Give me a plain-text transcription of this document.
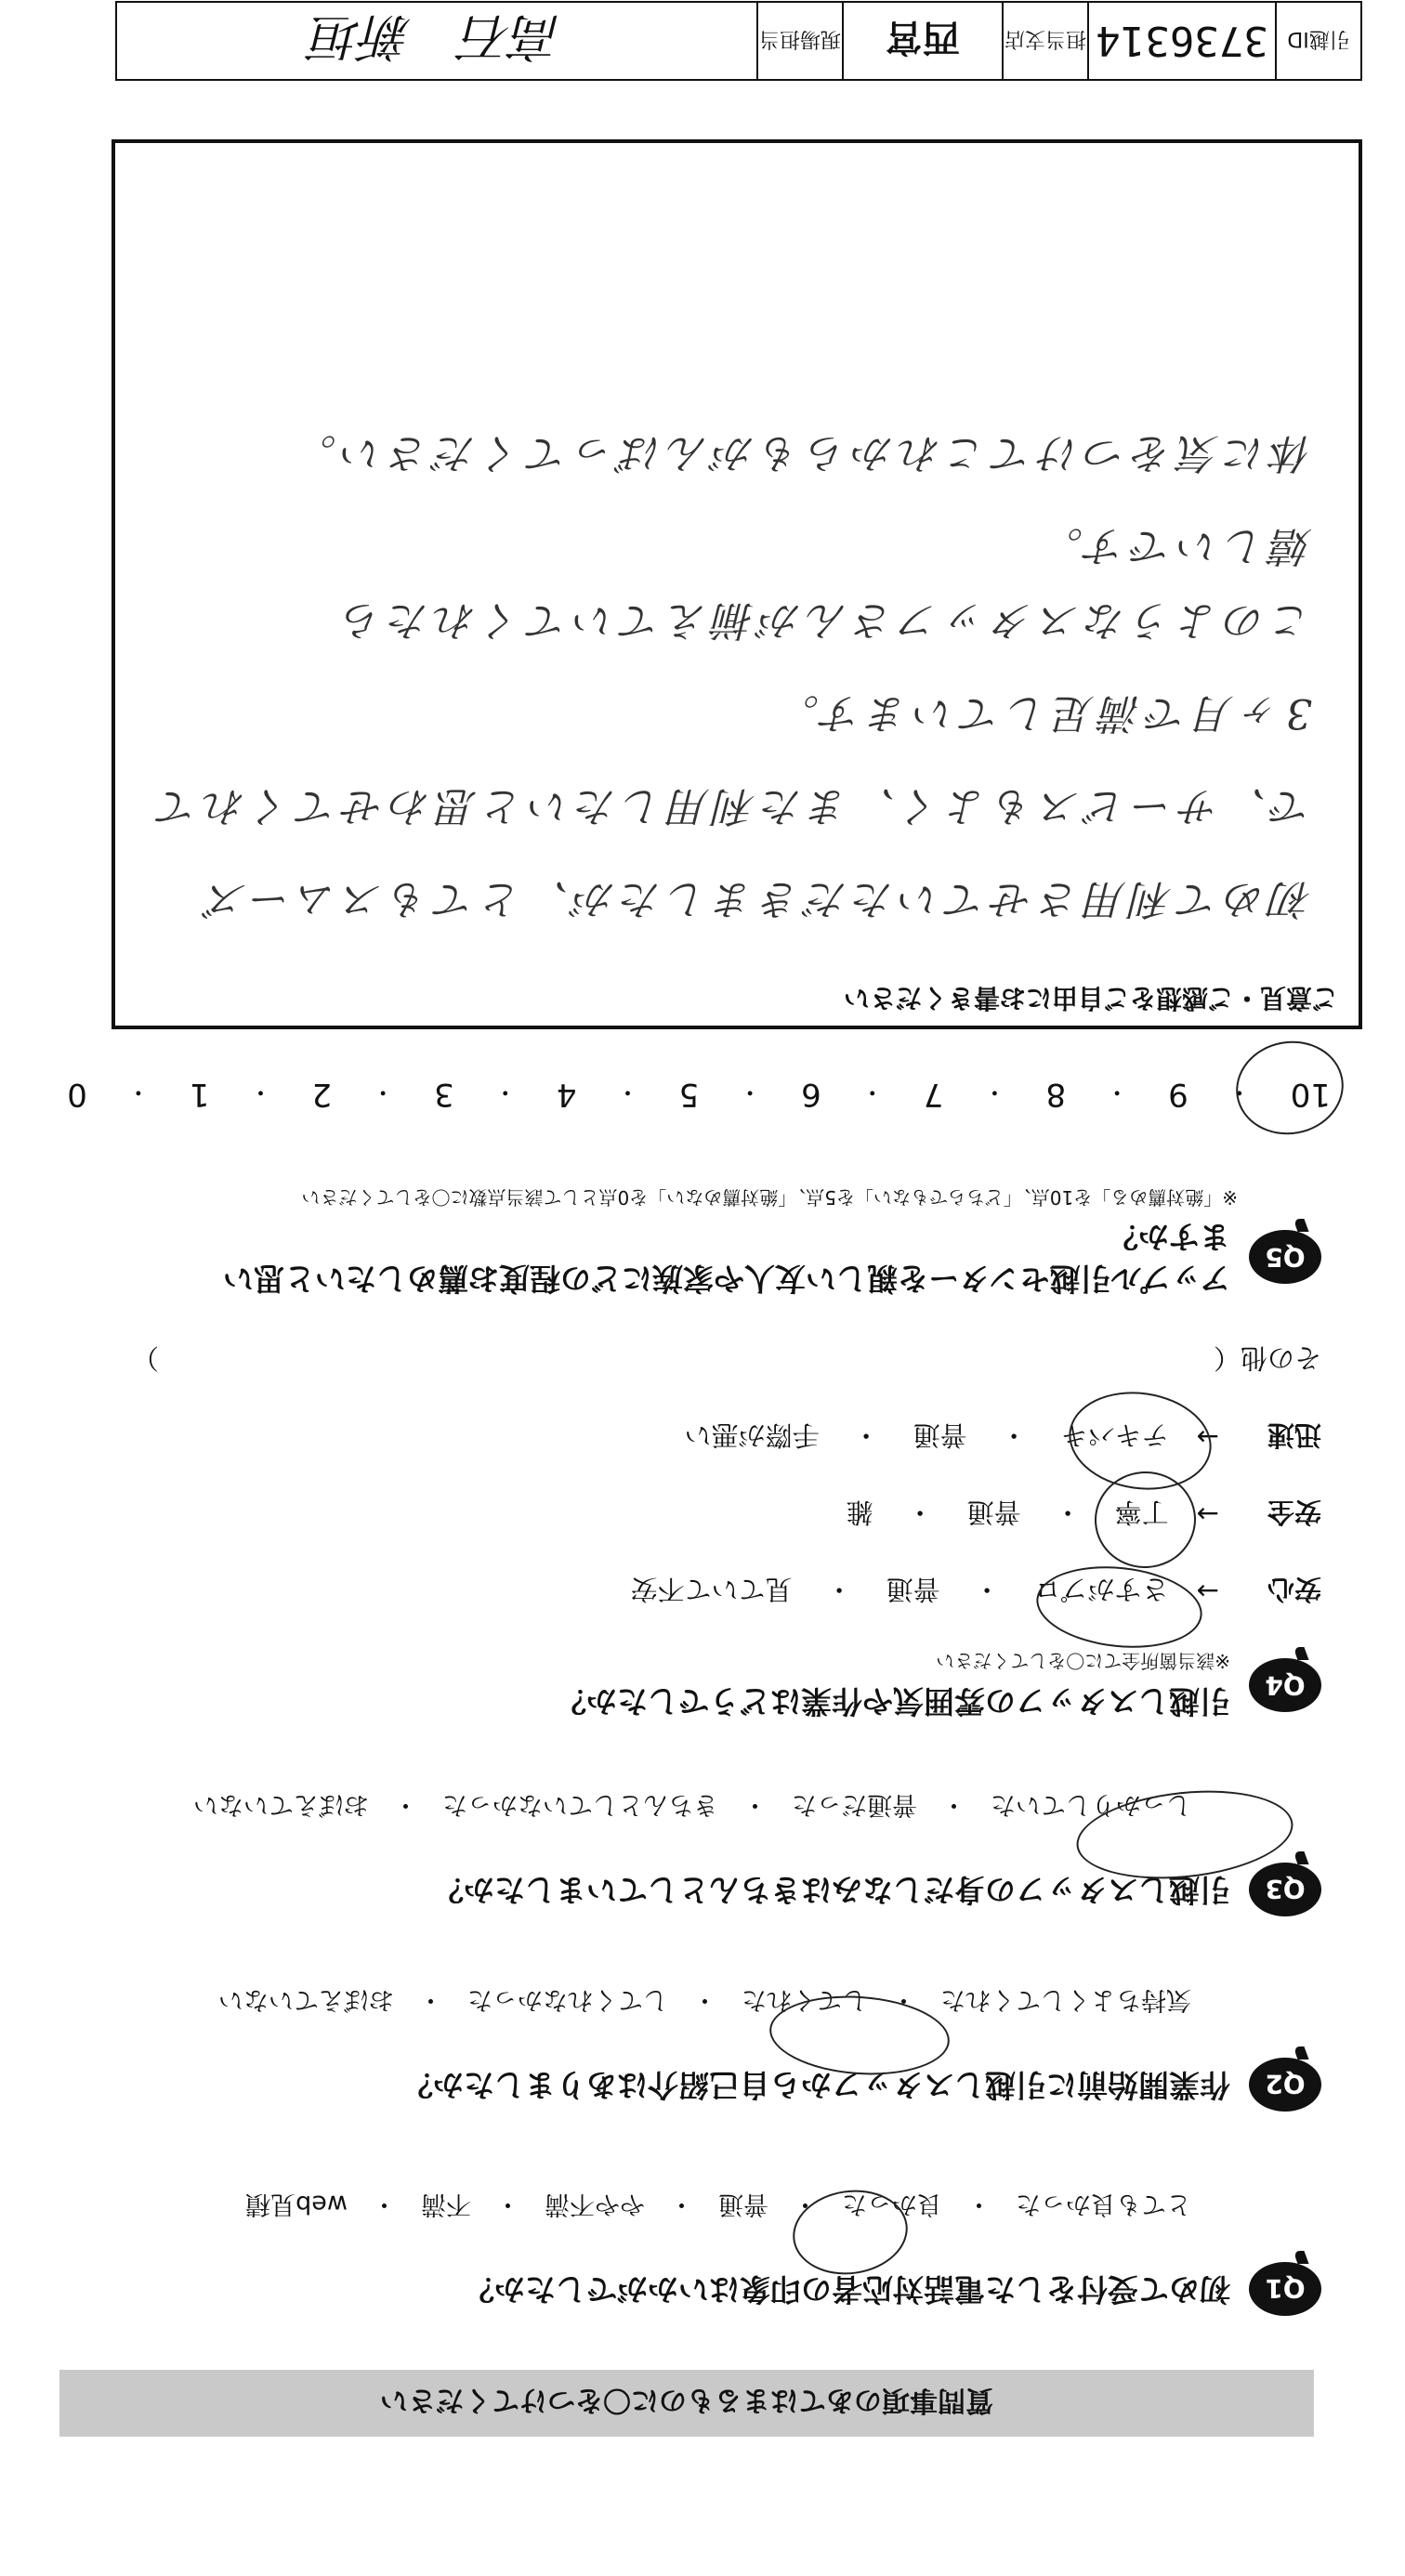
質問事項のあてはまるものに〇をつけてください
Q1
初めて受付をした電話対応者の印象はいかがでしたか？
とても良かった
・
良かった
・
普通
・
やや不満
・
不満
・
web見積
Q2
作業開始前に引越しスタッフから自己紹介はありましたか？
気持ちよくしてくれた
・
してくれた
・
してくれなかった
・
おぼえていない
Q3
引越しスタッフの身だしなみはきちんとしていましたか？
しっかりしていた
・
普通だった
・
きちんとしていなかった
・
おぼえていない
Q4
引越しスタッフの雰囲気や作業はどうでしたか？
※該当箇所全てに〇をしてください
安心
→
さすがプロ
・
普通
・
見ていて不安
安全
→
丁寧
・
普通
・
雑
迅速
→
テキパキ
・
普通
・
手際が悪い
その他（
）
Q5
アップル引越センターを親しい友人や家族にどの程度お薦めしたいと思いますか？
※「絶対薦める」を10点、「どちらでもない」を5点、「絶対薦めない」を0点として該当点数に〇をしてください
10
・
9
・
8
・
7
・
6
・
5
・
4
・
3
・
2
・
1
・
0
ご意見・ご感想をご自由にお書きください
初めて利用させていただきましたが、とてもスムーズ
で、サービスもよく、また利用したいと思わせてくれて
3ヶ月で満足しています。
このようなスタッフさんが揃えていてくれたら
嬉しいです。
体に気をつけてこれからもがんばってください。
引越ID
3736314
担当支店
西宮
現場担当
高石　新垣
